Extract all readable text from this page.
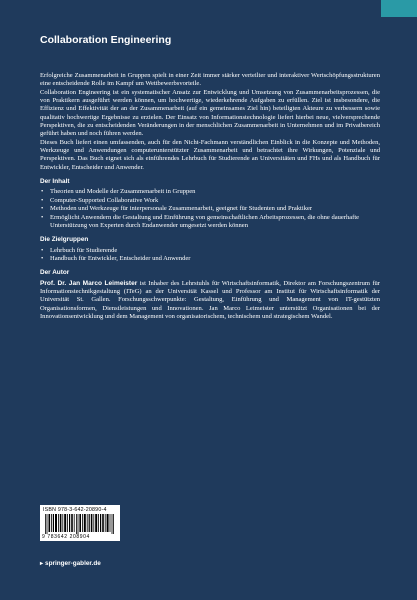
Collaboration Engineering

Erfolgreiche Zusammenarbeit in Gruppen spielt in einer Zeit immer stärker verteilter und interaktiver Wertschöpfungsstrukturen eine entscheidende Rolle im Kampf um Wettbewerbsvorteile.

Collaboration Engineering ist ein systematischer Ansatz zur Entwicklung und Umsetzung von Zusammenarbeitsprozessen, die von Praktikern ausgeführt werden können, um hochwertige, wiederkehrende Aufgaben zu erfüllen. Ziel ist insbesondere, die Effizienz und Effektivität der an der Zusammenarbeit (auf ein gemeinsames Ziel hin) beteiligten Akteure zu verbessern sowie qualitativ hochwertige Ergebnisse zu erzielen. Der Einsatz von Informationstechnologie liefert hierbei neue, vielversprechende Perspektiven, die zu entscheidenden Veränderungen in der menschlichen Zusammenarbeit in Unternehmen und im Privatbereich geführt haben und noch führen werden.

Dieses Buch liefert einen umfassenden, auch für den Nicht-Fachmann verständlichen Einblick in die Konzepte und Methoden, Werkzeuge und Anwendungen computerunterstützter Zusammenarbeit und betrachtet ihre Wirkungen, Potenziale und Perspektiven. Das Buch eignet sich als einführendes Lehrbuch für Studierende an Universitäten und FHs und als Handbuch für Entwickler, Entscheider und Anwender.

Der Inhalt
• Theorien und Modelle der Zusammenarbeit in Gruppen
• Computer-Supported Collaborative Work
• Methoden und Werkzeuge für interpersonale Zusammenarbeit, geeignet für Studenten und Praktiker
• Ermöglicht Anwendern die Gestaltung und Einführung von gemeinschaftlichen Arbeitsprozessen, die ohne dauerhafte Unterstützung von Experten durch Endanwender umgesetzt werden können
Die Zielgruppen
• Lehrbuch für Studierende
• Handbuch für Entwickler, Entscheider und Anwender
Der Autor

Prof. Dr. Jan Marco Leimeister ist Inhaber des Lehrstuhls für Wirtschaftsinformatik, Direktor am Forschungszentrum für Informationstechnikgestaltung (ITeG) an der Universität Kassel und Professor am Institut für Wirtschaftsinformatik der Universität St. Gallen. Forschungsschwerpunkte: Gestaltung, Einführung und Management von IT-gestützten Organisationsformen, Dienstleistungen und Innovationen. Jan Marco Leimeister unterstützt Organisationen bei der Innovationsentwicklung und dem Management von organisatorischem, technischem und strategischem Wandel.

ISBN 978-3-642-20890-4
9 783642 208904
▸ springer-gabler.de
